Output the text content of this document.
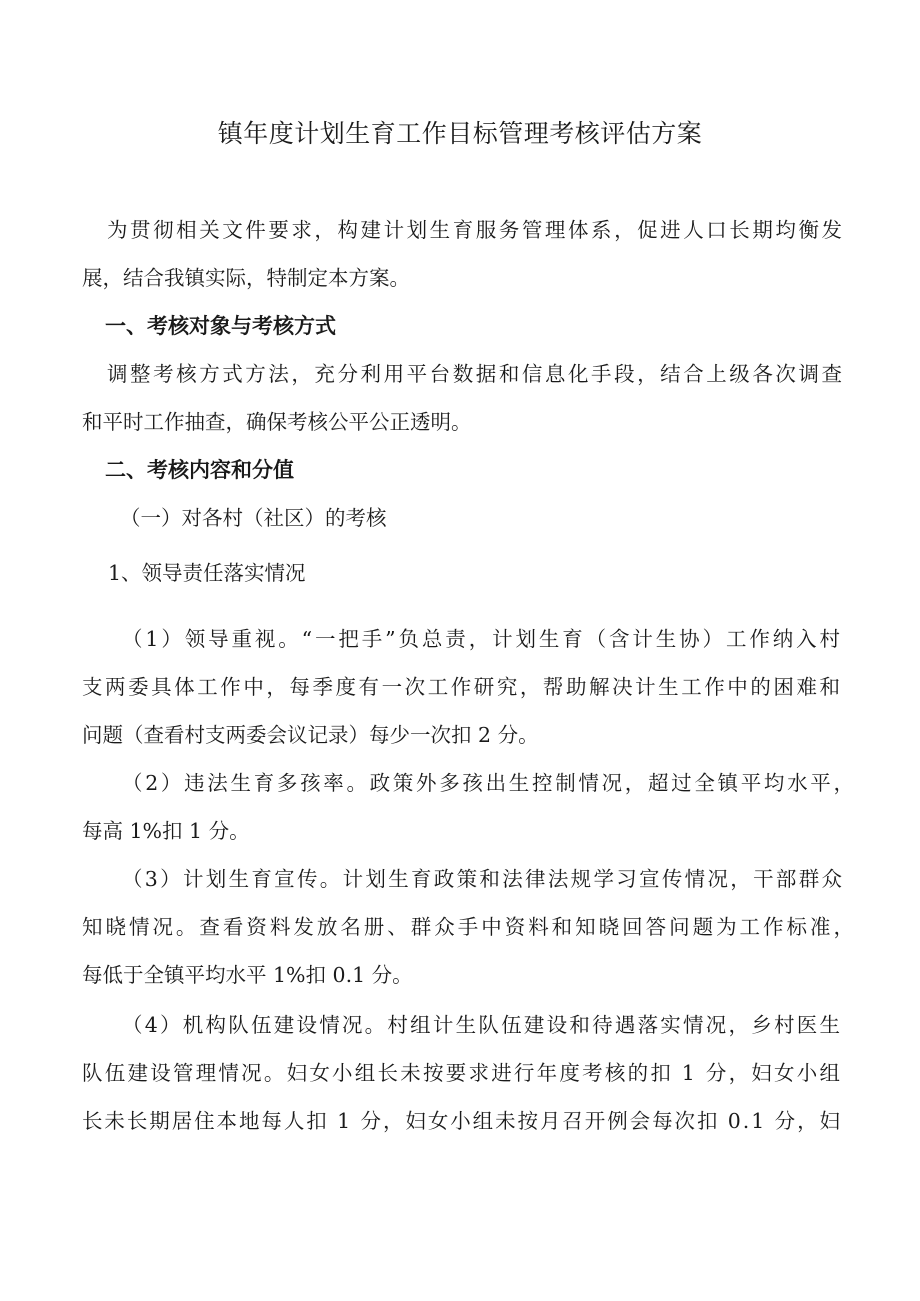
镇年度计划生育工作目标管理考核评估方案

为贯彻相关文件要求，构建计划生育服务管理体系，促进人口长期均衡发

展，结合我镇实际，特制定本方案。

一、考核对象与考核方式

调整考核方式方法，充分利用平台数据和信息化手段，结合上级各次调查

和平时工作抽查，确保考核公平公正透明。

二、考核内容和分值

（一）对各村（社区）的考核

1、领导责任落实情况

（1）领导重视。“一把手”负总责，计划生育（含计生协）工作纳入村

支两委具体工作中，每季度有一次工作研究，帮助解决计生工作中的困难和

问题（查看村支两委会议记录）每少一次扣 2 分。

（2）违法生育多孩率。政策外多孩出生控制情况，超过全镇平均水平，

每高 1%扣 1 分。

（3）计划生育宣传。计划生育政策和法律法规学习宣传情况，干部群众

知晓情况。查看资料发放名册、群众手中资料和知晓回答问题为工作标准，

每低于全镇平均水平 1%扣 0.1 分。

（4）机构队伍建设情况。村组计生队伍建设和待遇落实情况，乡村医生

队伍建设管理情况。妇女小组长未按要求进行年度考核的扣 1 分，妇女小组

长未长期居住本地每人扣 1 分，妇女小组未按月召开例会每次扣 0.1 分，妇
